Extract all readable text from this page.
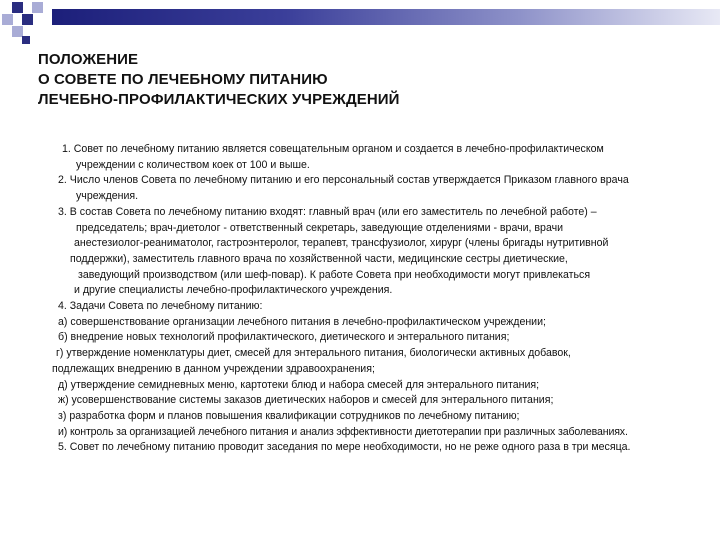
ПОЛОЖЕНИЕ
О СОВЕТЕ ПО ЛЕЧЕБНОМУ ПИТАНИЮ
ЛЕЧЕБНО-ПРОФИЛАКТИЧЕСКИХ УЧРЕЖДЕНИЙ
1. Совет по лечебному питанию является совещательным органом и создается в лечебно-профилактическом
учреждении с количеством коек от 100 и выше.
2. Число членов Совета по лечебному питанию и его персональный состав утверждается Приказом главного врача
учреждения.
3. В состав Совета по лечебному питанию входят: главный врач (или его заместитель по лечебной работе) –
председатель; врач-диетолог - ответственный секретарь, заведующие отделениями - врачи, врачи
анестезиолог-реаниматолог, гастроэнтеролог, терапевт, трансфузиолог, хирург (члены бригады нутритивной
поддержки), заместитель главного врача по хозяйственной части, медицинские сестры диетические,
заведующий производством (или шеф-повар). К работе Совета при необходимости могут привлекаться
и другие специалисты лечебно-профилактического учреждения.
4. Задачи Совета по лечебному питанию:
а) совершенствование организации лечебного питания в лечебно-профилактическом учреждении;
б) внедрение новых технологий профилактического, диетического и энтерального питания;
г) утверждение номенклатуры диет, смесей для энтерального питания, биологически активных добавок,
подлежащих внедрению в данном учреждении здравоохранения;
д) утверждение семидневных меню, картотеки блюд и набора смесей для энтерального питания;
ж) усовершенствование системы заказов диетических наборов и смесей для энтерального питания;
з) разработка форм и планов повышения квалификации сотрудников по лечебному питанию;
и) контроль за организацией лечебного питания и анализ эффективности диетотерапии при различных заболеваниях.
5. Совет по лечебному питанию проводит заседания по мере необходимости, но не реже одного раза в три месяца.
